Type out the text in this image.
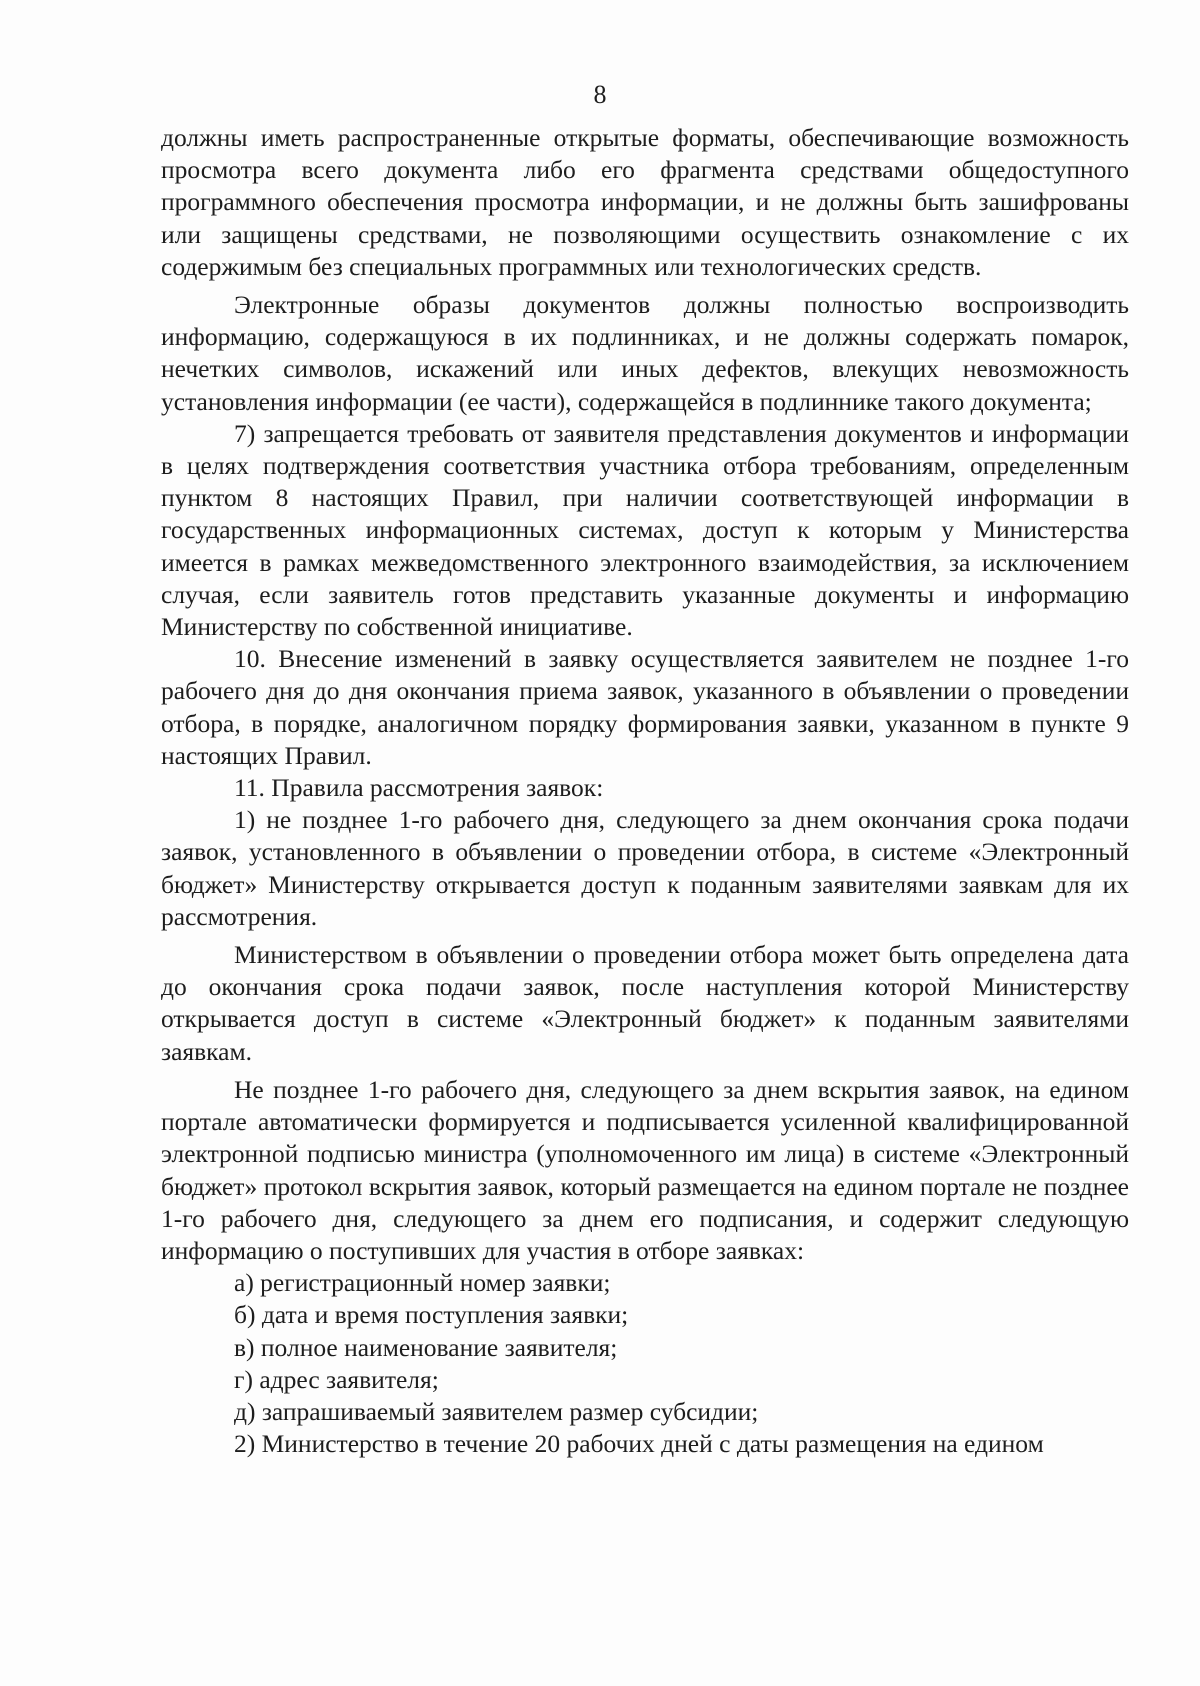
8

должны иметь распространенные открытые форматы, обеспечивающие возможность просмотра всего документа либо его фрагмента средствами общедоступного программного обеспечения просмотра информации, и не должны быть зашифрованы или защищены средствами, не позволяющими осуществить ознакомление с их содержимым без специальных программных или технологических средств.

Электронные образы документов должны полностью воспроизводить информацию, содержащуюся в их подлинниках, и не должны содержать помарок, нечетких символов, искажений или иных дефектов, влекущих невозможность установления информации (ее части), содержащейся в подлиннике такого документа;

7) запрещается требовать от заявителя представления документов и информации в целях подтверждения соответствия участника отбора требованиям, определенным пунктом 8 настоящих Правил, при наличии соответствующей информации в государственных информационных системах, доступ к которым у Министерства имеется в рамках межведомственного электронного взаимодействия, за исключением случая, если заявитель готов представить указанные документы и информацию Министерству по собственной инициативе.

10. Внесение изменений в заявку осуществляется заявителем не позднее 1-го рабочего дня до дня окончания приема заявок, указанного в объявлении о проведении отбора, в порядке, аналогичном порядку формирования заявки, указанном в пункте 9 настоящих Правил.

11. Правила рассмотрения заявок:

1) не позднее 1-го рабочего дня, следующего за днем окончания срока подачи заявок, установленного в объявлении о проведении отбора, в системе «Электронный бюджет» Министерству открывается доступ к поданным заявителями заявкам для их рассмотрения.

Министерством в объявлении о проведении отбора может быть определена дата до окончания срока подачи заявок, после наступления которой Министерству открывается доступ в системе «Электронный бюджет» к поданным заявителями заявкам.

Не позднее 1-го рабочего дня, следующего за днем вскрытия заявок, на едином портале автоматически формируется и подписывается усиленной квалифицированной электронной подписью министра (уполномоченного им лица) в системе «Электронный бюджет» протокол вскрытия заявок, который размещается на едином портале не позднее 1-го рабочего дня, следующего за днем его подписания, и содержит следующую информацию о поступивших для участия в отборе заявках:

а) регистрационный номер заявки;

б) дата и время поступления заявки;

в) полное наименование заявителя;

г) адрес заявителя;

д) запрашиваемый заявителем размер субсидии;

2) Министерство в течение 20 рабочих дней с даты размещения на едином
